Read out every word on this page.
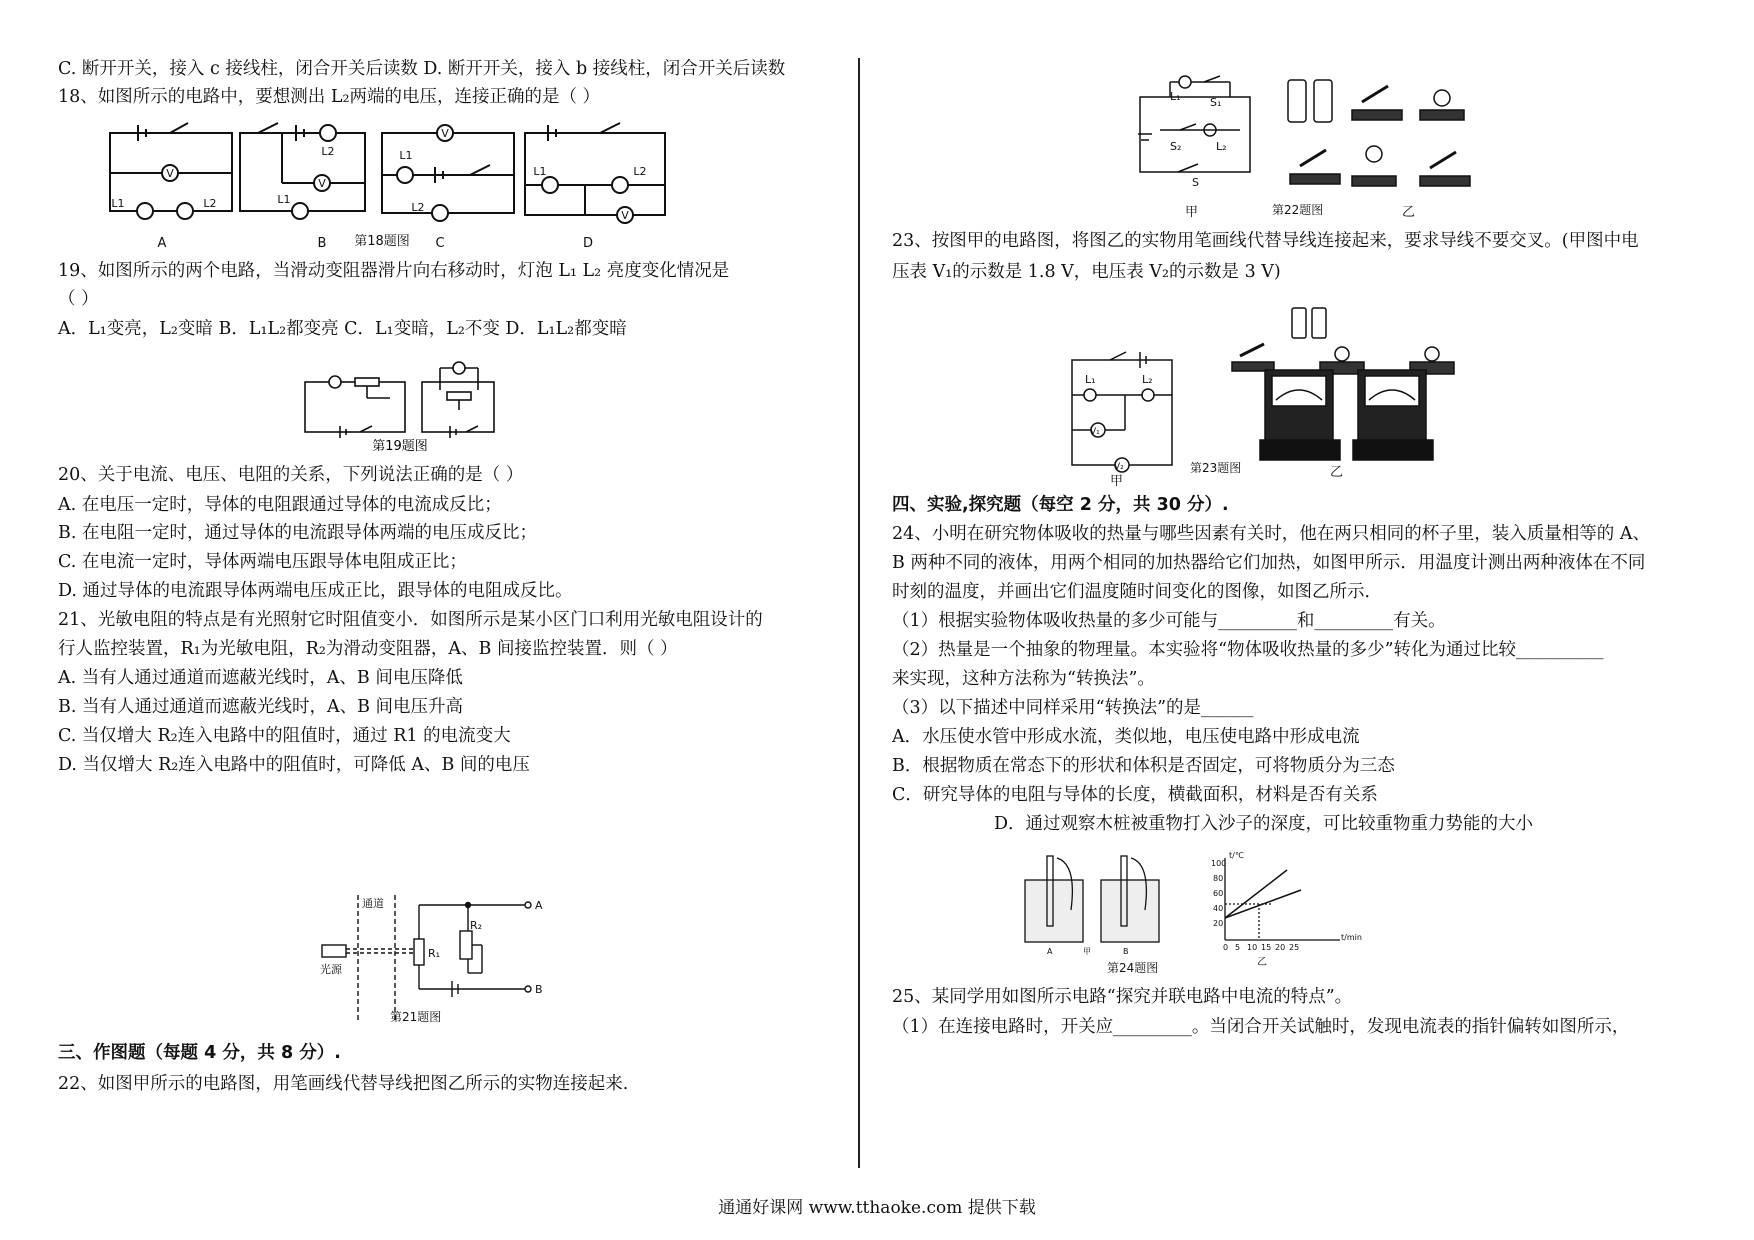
C. 断开开关，接入 c 接线柱，闭合开关后读数 D. 断开开关，接入 b 接线柱，闭合开关后读数
18、如图所示的电路中，要想测出 L₂两端的电压，连接正确的是（ ）
V
V
V
V
L1	L2
L2
L1
L1
L2
L1	L2
A	B 第18题图 C	D
19、如图所示的两个电路，当滑动变阻器滑片向右移动时，灯泡 L₁ L₂ 亮度变化情况是
（ ）
A．L₁变亮，L₂变暗 B．L₁L₂都变亮 C．L₁变暗，L₂不变 D．L₁L₂都变暗
第19题图
20、关于电流、电压、电阻的关系，下列说法正确的是（ ）
A. 在电压一定时，导体的电阻跟通过导体的电流成反比；
B. 在电阻一定时，通过导体的电流跟导体两端的电压成反比；
C. 在电流一定时，导体两端电压跟导体电阻成正比；
D. 通过导体的电流跟导体两端电压成正比，跟导体的电阻成反比。
21、光敏电阻的特点是有光照射它时阻值变小．如图所示是某小区门口利用光敏电阻设计的
行人监控装置，R₁为光敏电阻，R₂为滑动变阻器，A、B 间接监控装置．则（ ）
A. 当有人通过通道而遮蔽光线时，A、B 间电压降低
B. 当有人通过通道而遮蔽光线时，A、B 间电压升高
C. 当仅增大 R₂连入电路中的阻值时，通过 R1 的电流变大
D. 当仅增大 R₂连入电路中的阻值时，可降低 A、B 间的电压
光源
通道
R₁
R₂
A
B
第21题图
三、作图题（每题 4 分，共 8 分）.
22、如图甲所示的电路图，用笔画线代替导线把图乙所示的实物连接起来.
L₁	S₁
S₂	L₂
S
甲	第22题图	乙
23、按图甲的电路图，将图乙的实物用笔画线代替导线连接起来，要求导线不要交叉。(甲图中电
压表 V₁的示数是 1.8 V，电压表 V₂的示数是 3 V)
L₁	L₂
V₁
V₂
甲
第23题图	乙
四、实验,探究题（每空 2 分，共 30 分）.
24、小明在研究物体吸收的热量与哪些因素有关时，他在两只相同的杯子里，装入质量相等的 A、
B 两种不同的液体，用两个相同的加热器给它们加热，如图甲所示．用温度计测出两种液体在不同
时刻的温度，并画出它们温度随时间变化的图像，如图乙所示．
（1）根据实验物体吸收热量的多少可能与_________和_________有关。
（2）热量是一个抽象的物理量。本实验将“物体吸收热量的多少”转化为通过比较__________
来实现，这种方法称为“转换法”。
（3）以下描述中同样采用“转换法”的是______
A．水压使水管中形成水流，类似地，电压使电路中形成电流
B．根据物质在常态下的形状和体积是否固定，可将物质分为三态
C．研究导体的电阻与导体的长度，横截面积，材料是否有关系
D．通过观察木桩被重物打入沙子的深度，可比较重物重力势能的大小
A	B
甲
t/℃
t/min
100
80
60
40
20
0 5 10 15 20 25
乙
第24题图
25、某同学用如图所示电路“探究并联电路中电流的特点”。
（1）在连接电路时，开关应_________。当闭合开关试触时，发现电流表的指针偏转如图所示，
通通好课网 www.tthaoke.com 提供下载
